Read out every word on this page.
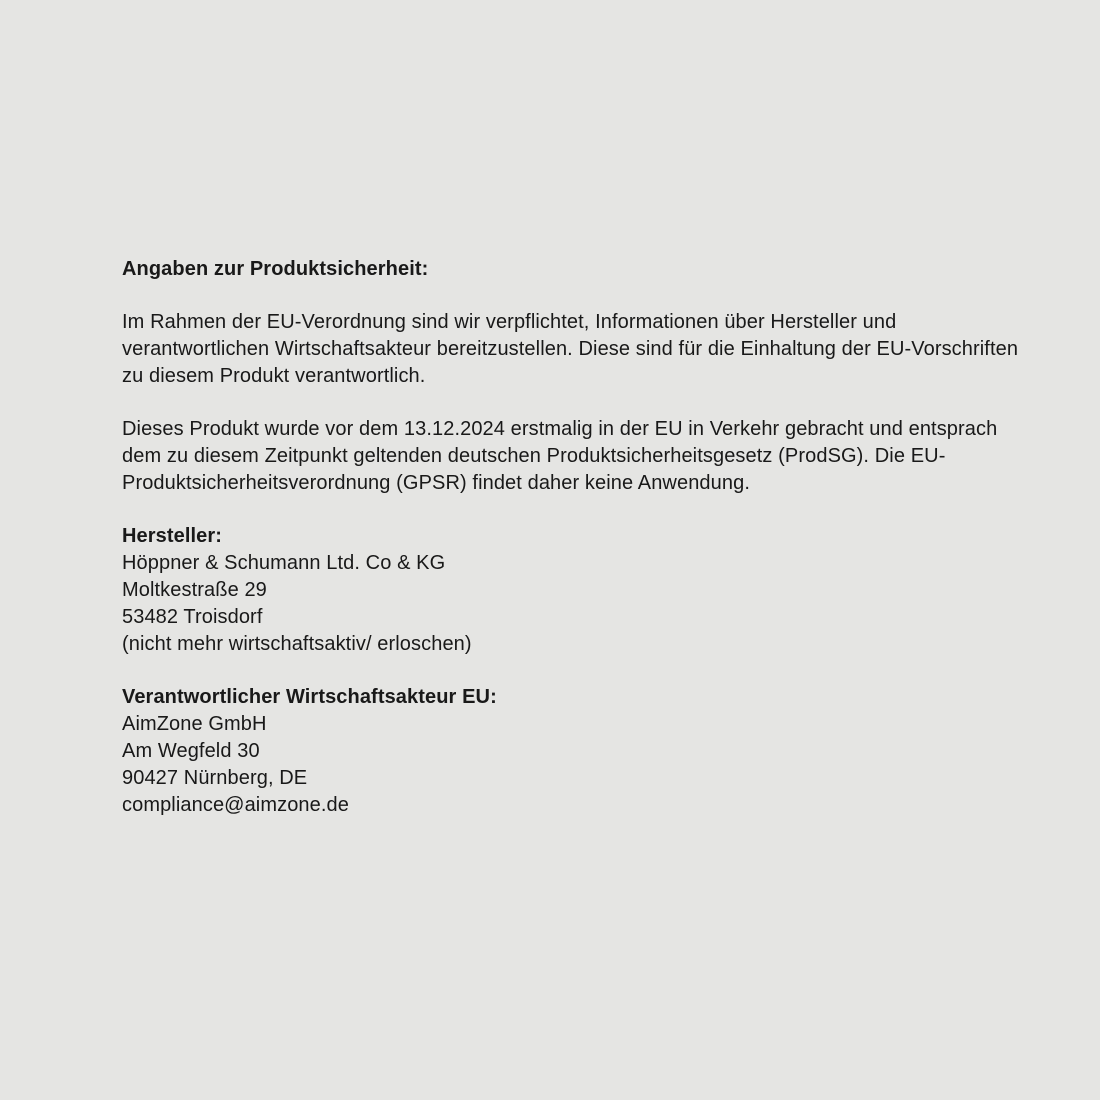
Angaben zur Produktsicherheit:
Im Rahmen der EU-Verordnung sind wir verpflichtet, Informationen über Hersteller und verantwortlichen Wirtschaftsakteur bereitzustellen. Diese sind für die Einhaltung der EU-Vorschriften zu diesem Produkt verantwortlich.
Dieses Produkt wurde vor dem 13.12.2024 erstmalig in der EU in Verkehr gebracht und entsprach dem zu diesem Zeitpunkt geltenden deutschen Produktsicherheitsgesetz (ProdSG). Die EU-Produktsicherheitsverordnung (GPSR) findet daher keine Anwendung.
Hersteller:
Höppner & Schumann Ltd. Co & KG
Moltkestraße 29
53482 Troisdorf
(nicht mehr wirtschaftsaktiv/ erloschen)
Verantwortlicher Wirtschaftsakteur EU:
AimZone GmbH
Am Wegfeld 30
90427 Nürnberg, DE
compliance@aimzone.de
